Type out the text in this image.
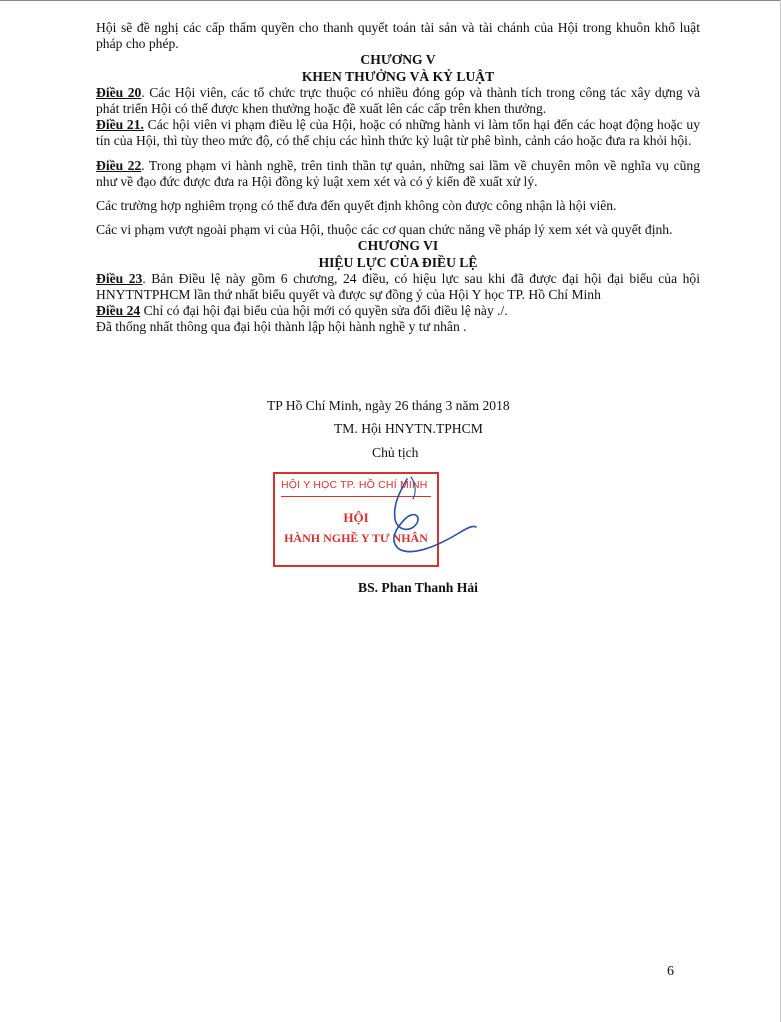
Hội sẽ đề nghị các cấp thẩm quyền cho thanh quyết toán tài sản và tài chánh của Hội trong khuôn khổ luật pháp cho phép.

CHƯƠNG V

KHEN THƯỞNG VÀ KỶ LUẬT

Điều 20. Các Hội viên, các tổ chức trực thuộc có nhiều đóng góp và thành tích trong công tác xây dựng và phát triển Hội có thể được khen thưởng hoặc đề xuất lên các cấp trên khen thưởng.

Điều 21. Các hội viên vi phạm điều lệ của Hội, hoặc có những hành vi làm tổn hại đến các hoạt động hoặc uy tín của Hội, thì tùy theo mức độ, có thể chịu các hình thức kỷ luật từ phê bình, cảnh cáo hoặc đưa ra khỏi hội.

Điều 22. Trong phạm vi hành nghề, trên tinh thần tự quản, những sai lầm về chuyên môn về nghĩa vụ cũng như về đạo đức được đưa ra Hội đồng kỷ luật xem xét và có ý kiến đề xuất xử lý.

Các trường hợp nghiêm trọng có thể đưa đến quyết định không còn được công nhận là hội viên.

Các vi phạm vượt ngoài phạm vi của Hội, thuộc các cơ quan chức năng về pháp lý xem xét và quyết định.

CHƯƠNG VI

HIỆU LỰC CỦA ĐIỀU LỆ

Điều 23. Bản Điều lệ này gồm 6 chương, 24 điều, có hiệu lực sau khi đã được đại hội đại biểu của hội HNYTNTPHCM lần thứ nhất biểu quyết và được sự đồng ý của Hội Y học TP. Hồ Chí Minh

Điều 24 Chỉ có đại hội đại biểu của hội mới có quyền sửa đổi điều lệ này ./.

Đã thống nhất thông qua đại hội thành lập hội hành nghề y tư nhân .

TP Hồ Chí Minh, ngày 26 tháng 3 năm 2018
TM. Hội HNYTN.TPHCM
Chủ tịch
HỘI Y HỌC TP. HỒ CHÍ MINH
HỘI
HÀNH NGHỀ Y TƯ NHÂN
BS. Phan Thanh Hải
6
